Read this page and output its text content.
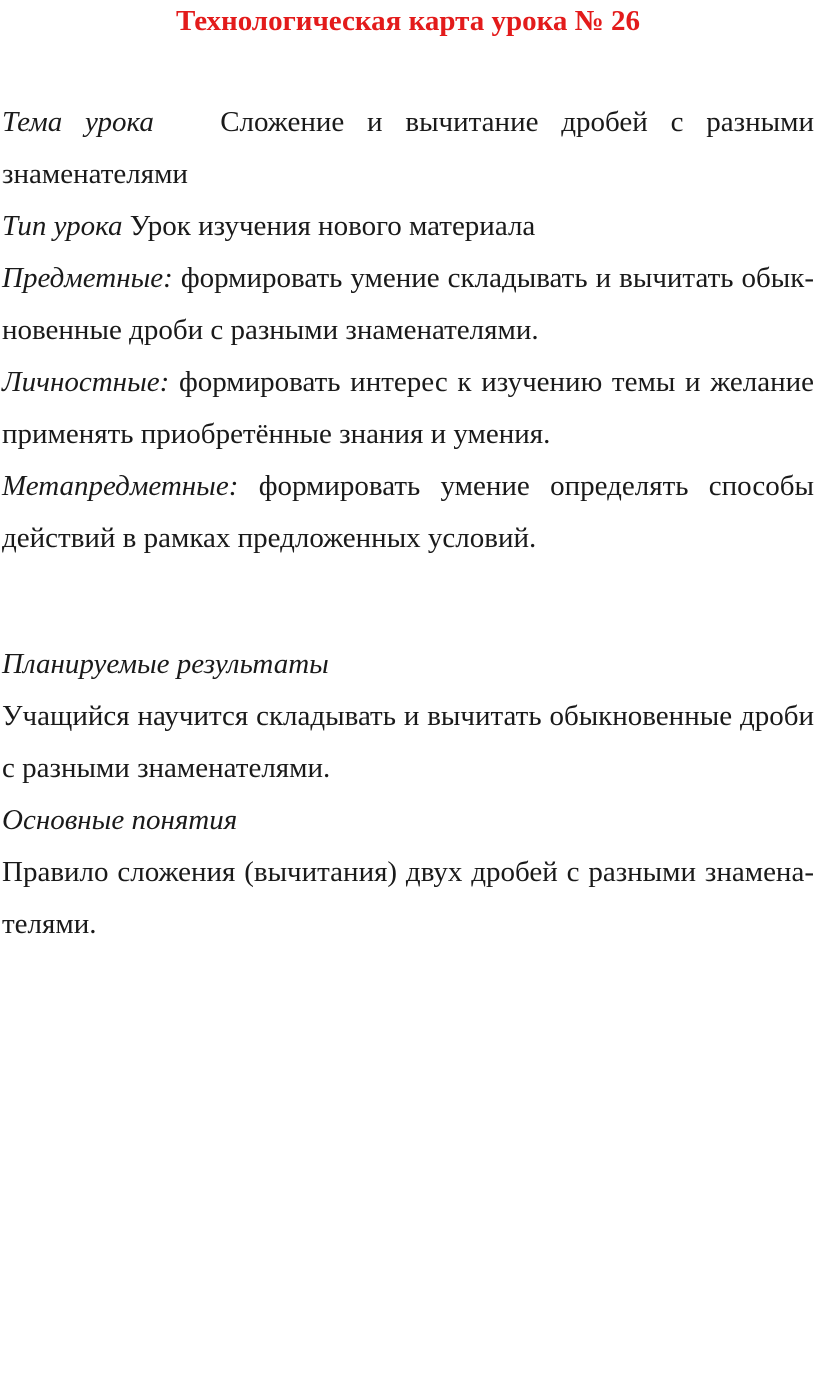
Технологическая карта урока № 26

Тема урока   Сложение и вычитание дробей с разными знаменателями

Тип урока Урок изучения нового материала

Предметные: формировать умение складывать и вычитать обыкновенные дроби с разными знаменателями.

Личностные: формировать интерес к изучению темы и желание применять приобретённые знания и умения.

Метапредметные: формировать умение определять способы действий в рамках предложенных условий.

Планируемые результаты

Учащийся научится складывать и вычитать обыкновенные дроби с разными знаменателями.

Основные понятия

Правило сложения (вычитания) двух дробей с разными знаменателями.
